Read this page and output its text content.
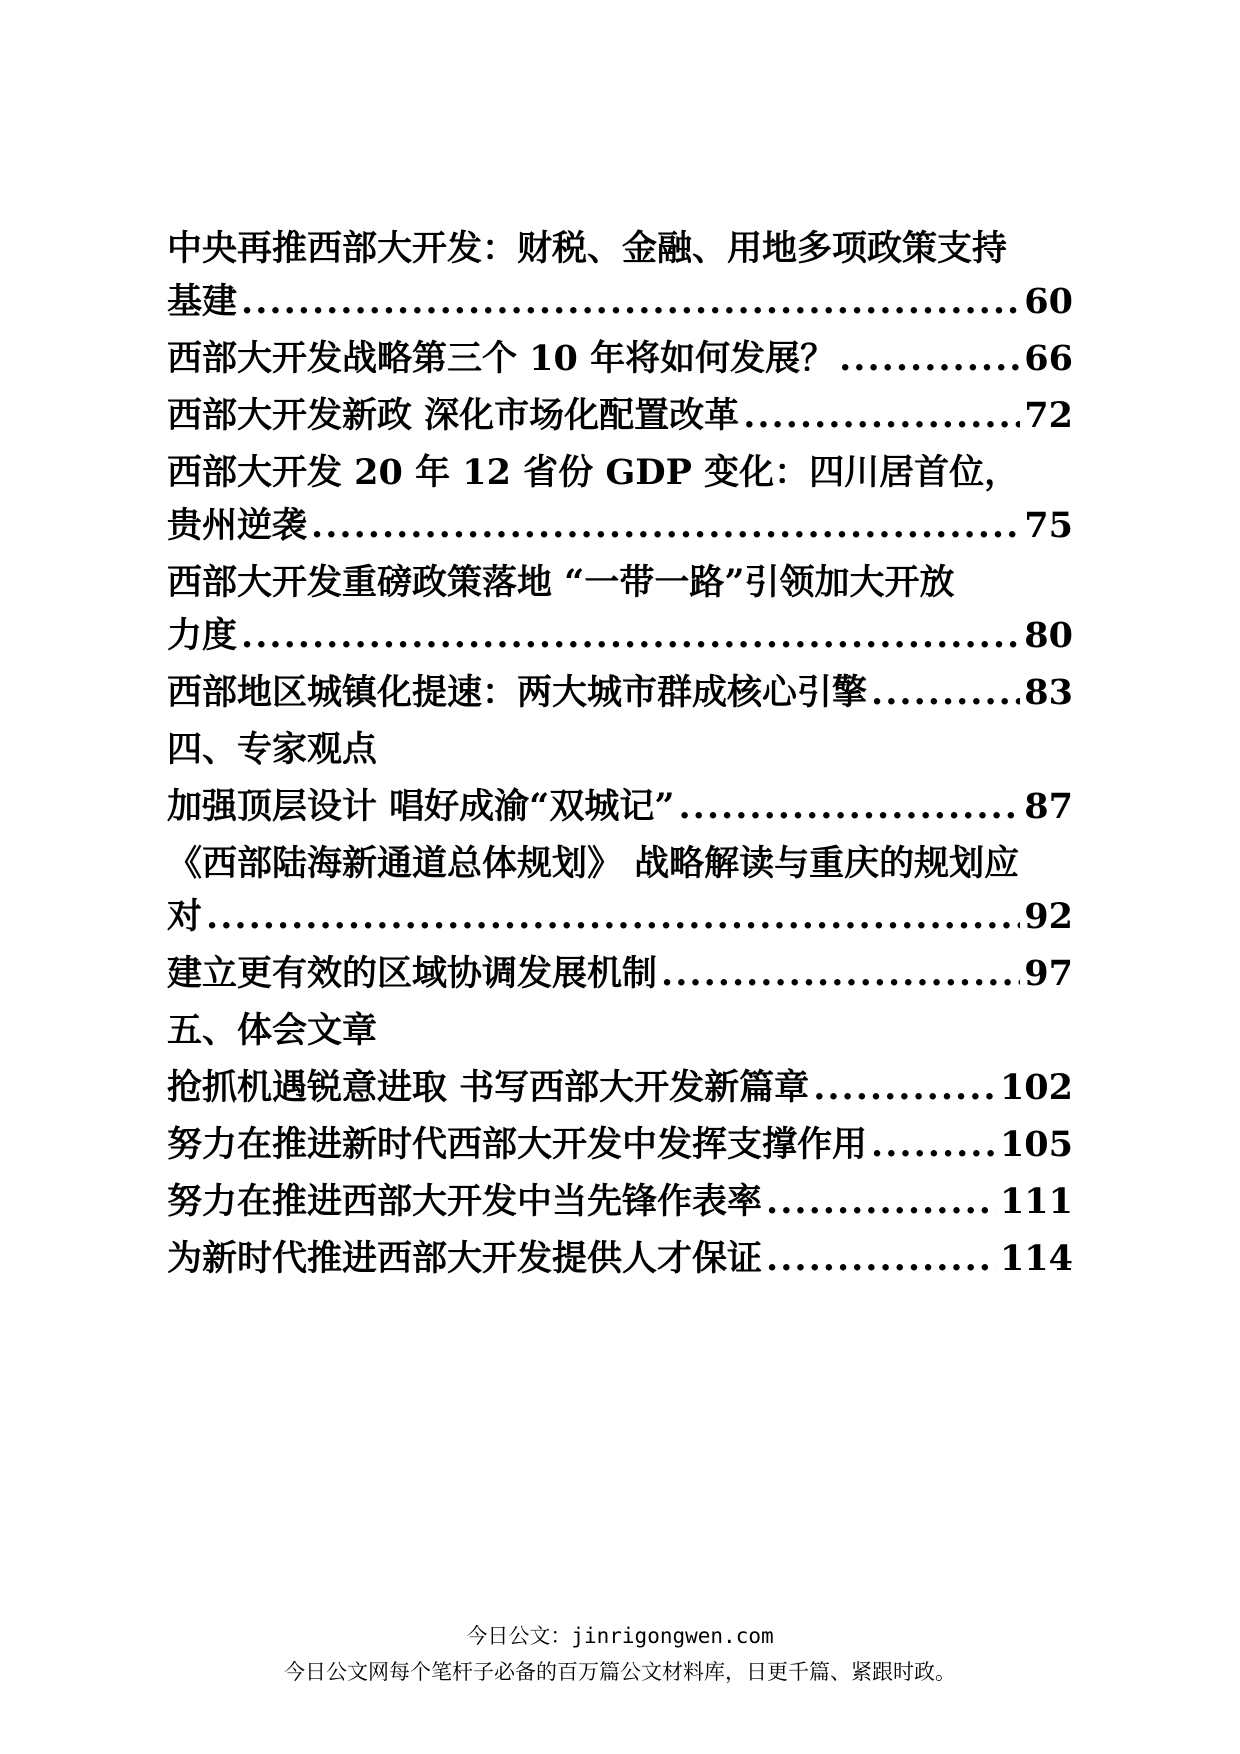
中央再推西部大开发：财税、金融、用地多项政策支持
基建 .....	60
西部大开发战略第三个 10 年将如何发展？ .....	66
西部大开发新政 深化市场化配置改革 .....	72
西部大开发 20 年 12 省份 GDP 变化：四川居首位，
贵州逆袭 .....	75
西部大开发重磅政策落地 “一带一路”引领加大开放
力度 .....	80
西部地区城镇化提速：两大城市群成核心引擎 .....	83
四、专家观点
加强顶层设计 唱好成渝“双城记” .....	87
《西部陆海新通道总体规划》 战略解读与重庆的规划应
对 .....	92
建立更有效的区域协调发展机制 .....	97
五、体会文章
抢抓机遇锐意进取 书写西部大开发新篇章 .....	102
努力在推进新时代西部大开发中发挥支撑作用 .....	105
努力在推进西部大开发中当先锋作表率 .....	111
为新时代推进西部大开发提供人才保证 .....	114
今日公文：jinrigongwen.com
今日公文网每个笔杆子必备的百万篇公文材料库，日更千篇、紧跟时政。
